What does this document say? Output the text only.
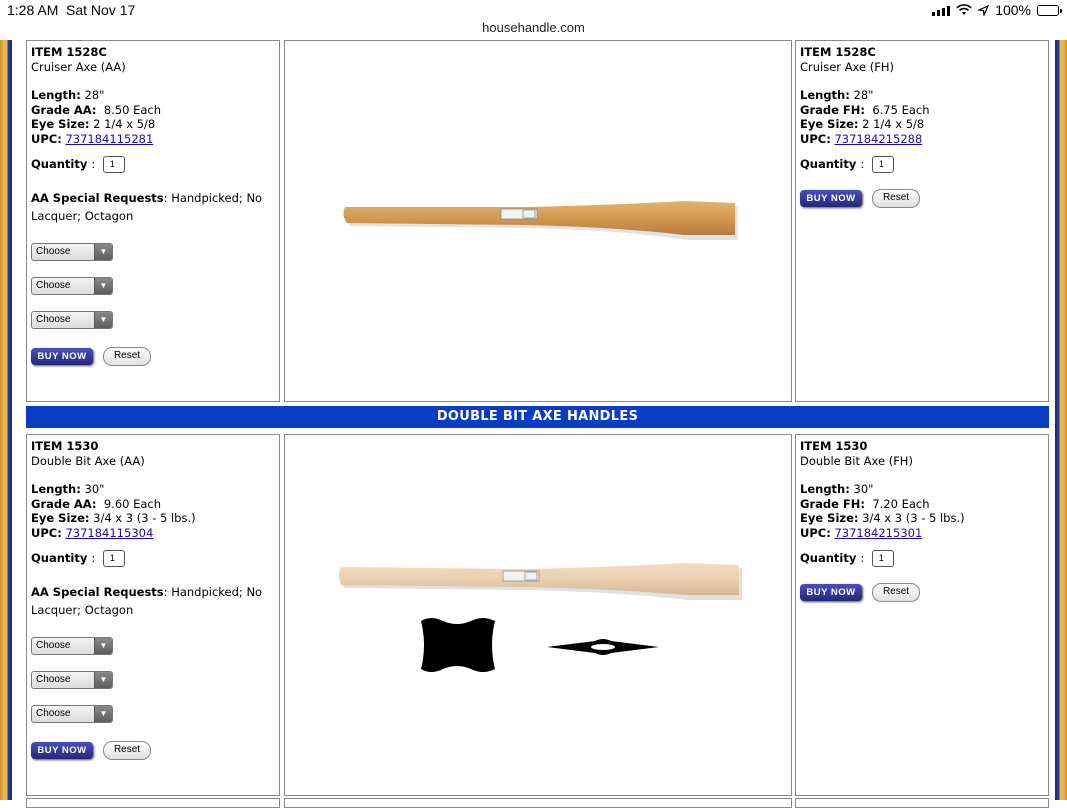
1:28 AM Sat Nov 17	100%
househandle.com
ITEM 1528C
Cruiser Axe (AA)
Length: 28"
Grade AA: 8.50 Each
Eye Size: 2 1/4 x 5/8
UPC: 737184115281
Quantity :	1
AA Special Requests: Handpicked; No Lacquer; Octagon
Choose	▼
Choose	▼
Choose	▼
BUY NOW	Reset
ITEM 1528C
Cruiser Axe (FH)
Length: 28"
Grade FH: 6.75 Each
Eye Size: 2 1/4 x 5/8
UPC: 737184215288
Quantity :	1
BUY NOW	Reset
DOUBLE BIT AXE HANDLES
ITEM 1530
Double Bit Axe (AA)
Length: 30"
Grade AA: 9.60 Each
Eye Size: 3/4 x 3 (3 - 5 lbs.)
UPC: 737184115304
Quantity :	1
AA Special Requests: Handpicked; No Lacquer; Octagon
Choose	▼
Choose	▼
Choose	▼
BUY NOW	Reset
ITEM 1530
Double Bit Axe (FH)
Length: 30"
Grade FH: 7.20 Each
Eye Size: 3/4 x 3 (3 - 5 lbs.)
UPC: 737184215301
Quantity :	1
BUY NOW	Reset
